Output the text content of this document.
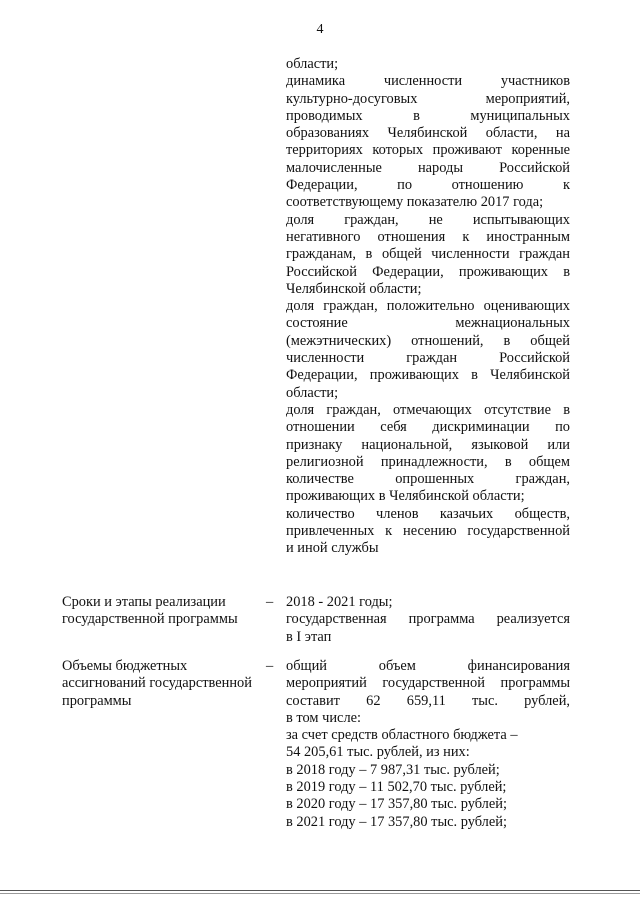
4
области;
динамика численности участников
культурно-досуговых мероприятий,
проводимых в муниципальных
образованиях Челябинской области, на
территориях которых проживают коренные
малочисленные народы Российской
Федерации, по отношению к
соответствующему показателю 2017 года;
доля граждан, не испытывающих
негативного отношения к иностранным
гражданам, в общей численности граждан
Российской Федерации, проживающих в
Челябинской области;
доля граждан, положительно оценивающих
состояние межнациональных
(межэтнических) отношений, в общей
численности граждан Российской
Федерации, проживающих в Челябинской
области;
доля граждан, отмечающих отсутствие в
отношении себя дискриминации по
признаку национальной, языковой или
религиозной принадлежности, в общем
количестве опрошенных граждан,
проживающих в Челябинской области;
количество членов казачьих обществ,
привлеченных к несению государственной
и иной службы
Сроки и этапы реализации
государственной программы
– 2018 - 2021 годы;
государственная программа реализуется
в I этап
Объемы бюджетных
ассигнований государственной
программы
– общий объем финансирования
мероприятий государственной программы
составит 62 659,11 тыс. рублей,
в том числе:
за счет средств областного бюджета –
54 205,61 тыс. рублей, из них:
в 2018 году – 7 987,31 тыс. рублей;
в 2019 году – 11 502,70 тыс. рублей;
в 2020 году – 17 357,80 тыс. рублей;
в 2021 году – 17 357,80 тыс. рублей;
